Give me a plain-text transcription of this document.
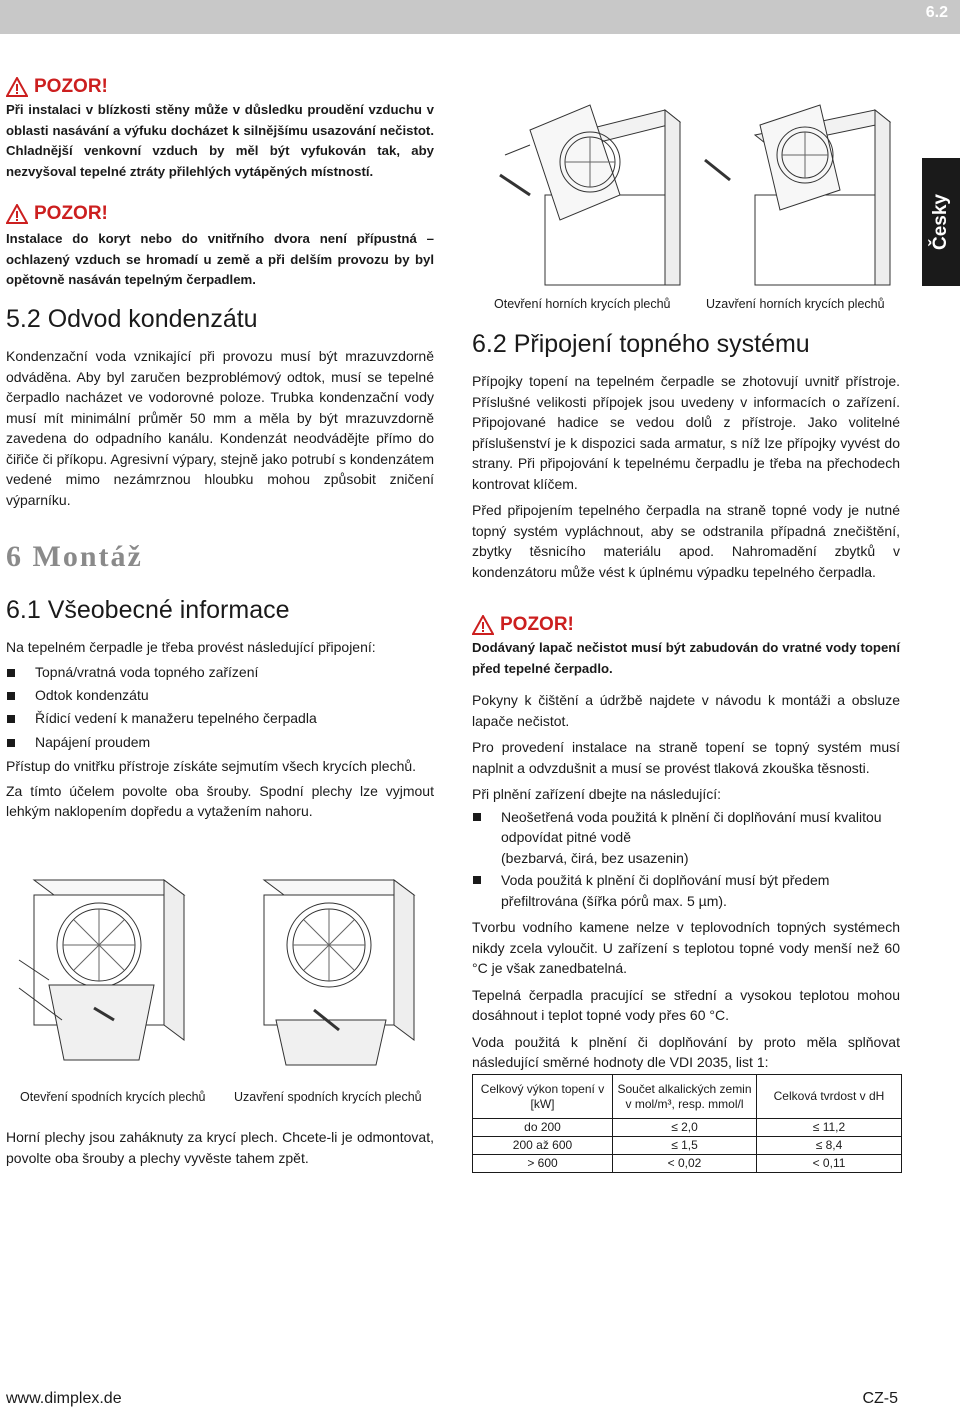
6.2
Česky
POZOR!
Při instalaci v blízkosti stěny může v důsledku proudění vzduchu v oblasti nasávání a výfuku docházet k silnějšímu usazování nečistot. Chladnější venkovní vzduch by měl být vyfukován tak, aby nezvyšoval tepelné ztráty přilehlých vytápěných místností.
POZOR!
Instalace do koryt nebo do vnitřního dvora není přípustná – ochlazený vzduch se hromadí u země a při delším provozu by byl opětovně nasáván tepelným čerpadlem.
5.2 Odvod kondenzátu
Kondenzační voda vznikající při provozu musí být mrazuvzdorně odváděna. Aby byl zaručen bezproblémový odtok, musí se tepelné čerpadlo nacházet ve vodorovné poloze. Trubka kondenzační vody musí mít minimální průměr 50 mm a měla by být mrazuvzdorně zavedena do odpadního kanálu. Kondenzát neodvádějte přímo do čiřiče či příkopu. Agresivní výpary, stejně jako potrubí s kondenzátem vedené mimo nezámrznou hloubku mohou způsobit zničení výparníku.
6 Montáž
6.1 Všeobecné informace
Na tepelném čerpadle je třeba provést následující připojení:
Topná/vratná voda topného zařízení
Odtok kondenzátu
Řídicí vedení k manažeru tepelného čerpadla
Napájení proudem
Přístup do vnitřku přístroje získáte sejmutím všech krycích plechů.
Za tímto účelem povolte oba šrouby. Spodní plechy lze vyjmout lehkým naklopením dopředu a vytažením nahoru.
Otevření spodních krycích plechů Uzavření spodních krycích plechů
Horní plechy jsou zaháknuty za krycí plech. Chcete-li je odmontovat, povolte oba šrouby a plechy vyvěste tahem zpět.
Otevření horních krycích plechů	Uzavření horních krycích plechů
6.2 Připojení topného systému
Přípojky topení na tepelném čerpadle se zhotovují uvnitř přístroje. Příslušné velikosti přípojek jsou uvedeny v informacích o zařízení. Připojované hadice se vedou dolů z přístroje. Jako volitelné příslušenství je k dispozici sada armatur, s níž lze přípojky vyvést do strany. Při připojování k tepelnému čerpadlu je třeba na přechodech kontrovat klíčem.
Před připojením tepelného čerpadla na straně topné vody je nutné topný systém vypláchnout, aby se odstranila případná znečištění, zbytky těsnicího materiálu apod. Nahromadění zbytků v kondenzátoru může vést k úplnému výpadku tepelného čerpadla.
POZOR!
Dodávaný lapač nečistot musí být zabudován do vratné vody topení před tepelné čerpadlo.
Pokyny k čištění a údržbě najdete v návodu k montáži a obsluze lapače nečistot.
Pro provedení instalace na straně topení se topný systém musí naplnit a odvzdušnit a musí se provést tlaková zkouška těsnosti.
Při plnění zařízení dbejte na následující:
Neošetřená voda použitá k plnění či doplňování musí kvalitou odpovídat pitné vodě
(bezbarvá, čirá, bez usazenin)
Voda použitá k plnění či doplňování musí být předem přefiltrována (šířka pórů max. 5 µm).
Tvorbu vodního kamene nelze v teplovodních topných systémech nikdy zcela vyloučit. U zařízení s teplotou topné vody menší než 60 °C je však zanedbatelná.
Tepelná čerpadla pracující se střední a vysokou teplotou mohou dosáhnout i teplot topné vody přes 60 °C.
Voda použitá k plnění či doplňování by proto měla splňovat následující směrné hodnoty dle VDI 2035, list 1:
Celkový výkon topení v [kW]	Součet alkalických zemin v mol/m³, resp. mmol/l	Celková tvrdost v dH
do 200	≤ 2,0	≤ 11,2
200 až 600	≤ 1,5	≤ 8,4
> 600	< 0,02	< 0,11
www.dimplex.de	CZ-5
